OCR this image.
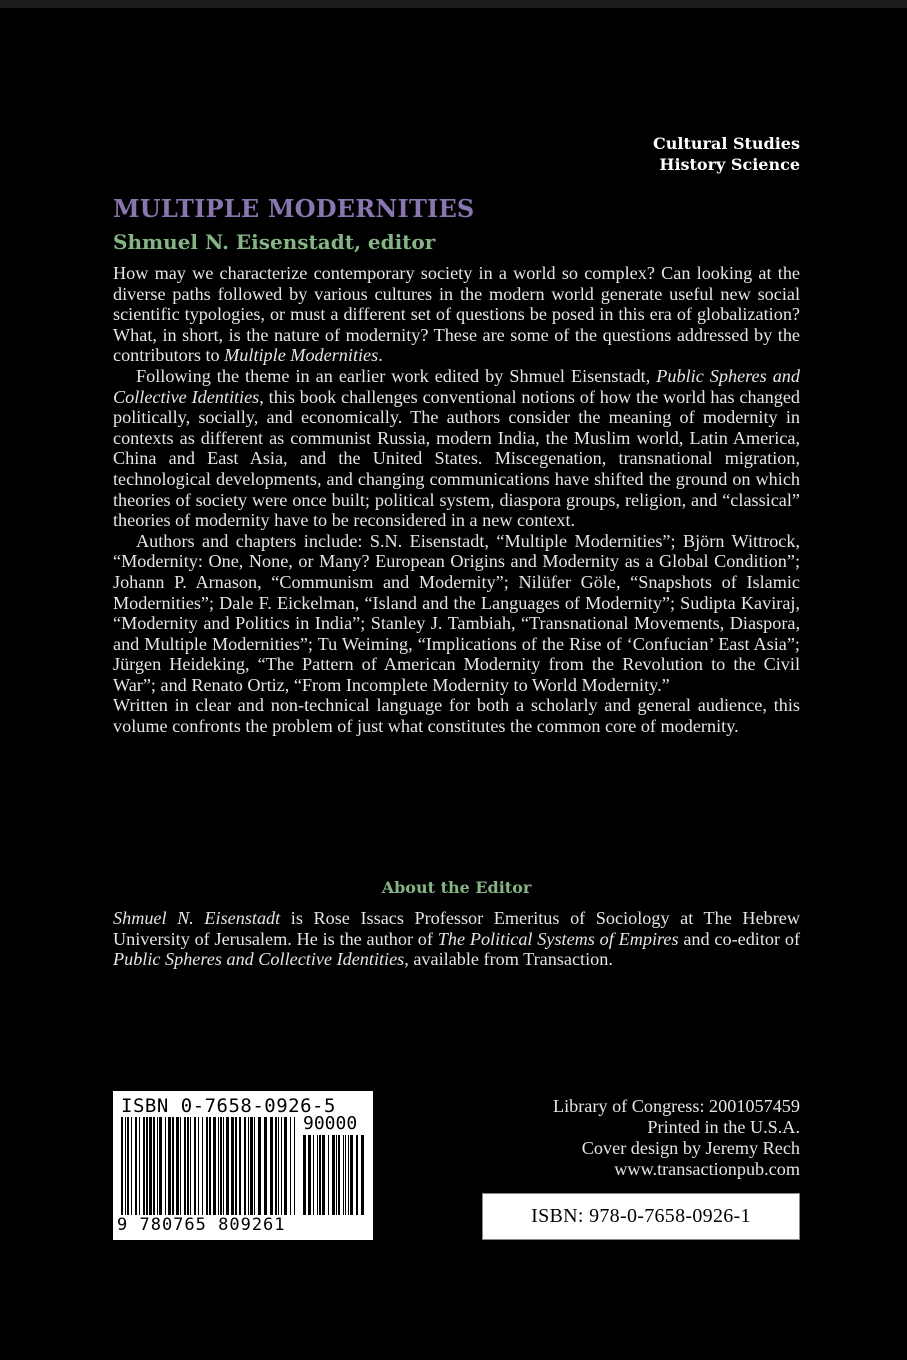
Cultural Studies
History Science
MULTIPLE MODERNITIES
Shmuel N. Eisenstadt, editor

How may we characterize contemporary society in a world so complex? Can looking at the diverse paths followed by various cultures in the modern world generate useful new social scientific typologies, or must a different set of questions be posed in this era of globalization? What, in short, is the nature of modernity? These are some of the questions addressed by the contributors to Multiple Modernities.

Following the theme in an earlier work edited by Shmuel Eisenstadt, Public Spheres and Collective Identities, this book challenges conventional notions of how the world has changed politically, socially, and economically. The authors consider the meaning of modernity in contexts as different as communist Russia, modern India, the Muslim world, Latin America, China and East Asia, and the United States. Miscegenation, transnational migration, technological developments, and changing communications have shifted the ground on which theories of society were once built; political system, diaspora groups, religion, and “classical” theories of modernity have to be reconsidered in a new context.

Authors and chapters include: S.N. Eisenstadt, “Multiple Modernities”; Björn Wittrock, “Modernity: One, None, or Many? European Origins and Modernity as a Global Condition”; Johann P. Arnason, “Communism and Modernity”; Nilüfer Göle, “Snapshots of Islamic Modernities”; Dale F. Eickelman, “Island and the Languages of Modernity”; Sudipta Kaviraj, “Modernity and Politics in India”; Stanley J. Tambiah, “Transnational Movements, Diaspora, and Multiple Modernities”; Tu Weiming, “Implications of the Rise of ‘Confucian’ East Asia”; Jürgen Heideking, “The Pattern of American Modernity from the Revolution to the Civil War”; and Renato Ortiz, “From Incomplete Modernity to World Modernity.”

Written in clear and non-technical language for both a scholarly and general audience, this volume confronts the problem of just what constitutes the common core of modernity.

About the Editor

Shmuel N. Eisenstadt is Rose Issacs Professor Emeritus of Sociology at The Hebrew University of Jerusalem. He is the author of The Political Systems of Empires and co-editor of Public Spheres and Collective Identities, available from Transaction.

ISBN 0-7658-0926-5
90000
9 780765 809261
Library of Congress: 2001057459
Printed in the U.S.A.
Cover design by Jeremy Rech
www.transactionpub.com
ISBN: 978-0-7658-0926-1
